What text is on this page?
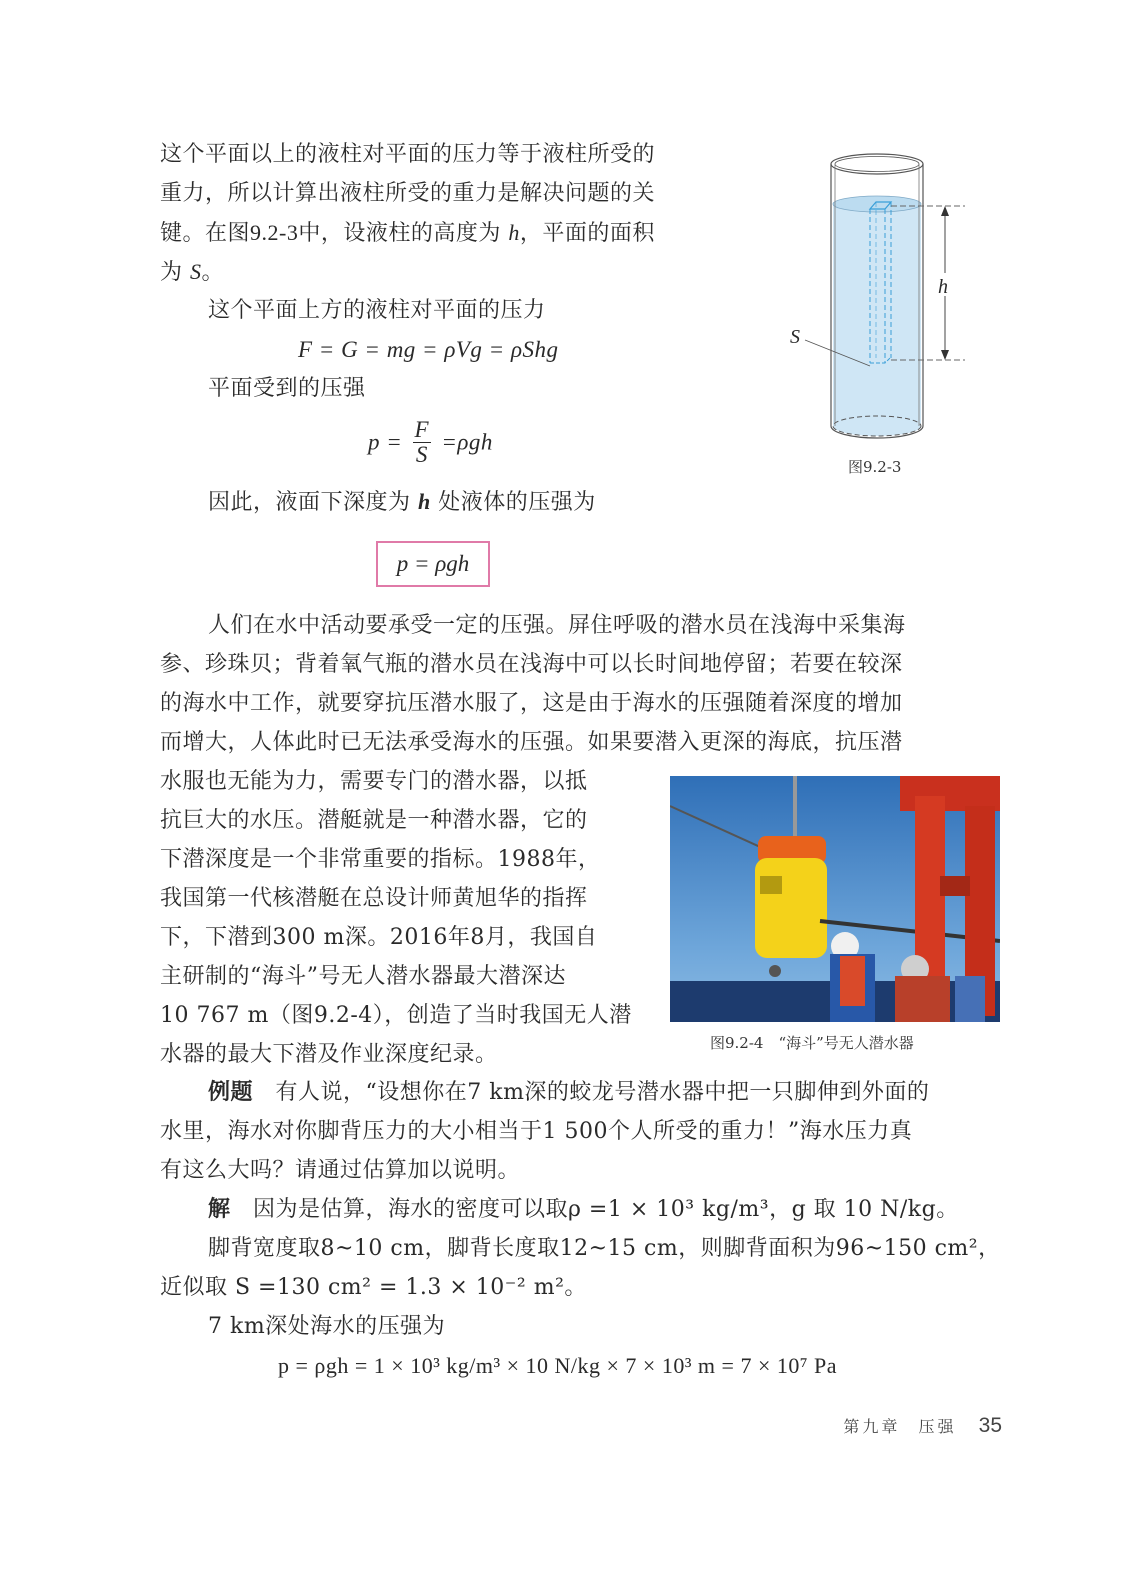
这个平面以上的液柱对平面的压力等于液柱所受的
重力，所以计算出液柱所受的重力是解决问题的关
键。在图9.2-3中，设液柱的高度为 h，平面的面积
为 S。
这个平面上方的液柱对平面的压力
F = G = mg = ρVg = ρShg
平面受到的压强
$p = \frac{F}{S} =\rho gh$
因此，液面下深度为 h 处液体的压强为
p = ρgh
h
S
图9.2-3
人们在水中活动要承受一定的压强。屏住呼吸的潜水员在浅海中采集海
参、珍珠贝；背着氧气瓶的潜水员在浅海中可以长时间地停留；若要在较深
的海水中工作，就要穿抗压潜水服了，这是由于海水的压强随着深度的增加
而增大，人体此时已无法承受海水的压强。如果要潜入更深的海底，抗压潜
水服也无能为力，需要专门的潜水器，以抵
抗巨大的水压。潜艇就是一种潜水器，它的
下潜深度是一个非常重要的指标。1988年，
我国第一代核潜艇在总设计师黄旭华的指挥
下，下潜到300 m深。2016年8月，我国自
主研制的“海斗”号无人潜水器最大潜深达
10 767 m（图9.2-4），创造了当时我国无人潜
水器的最大下潜及作业深度纪录。	图9.2-4　“海斗”号无人潜水器
例题 有人说，“设想你在7 km深的蛟龙号潜水器中把一只脚伸到外面的
水里，海水对你脚背压力的大小相当于1 500个人所受的重力！”海水压力真
有这么大吗？请通过估算加以说明。
解 因为是估算，海水的密度可以取ρ =1 × 10³ kg/m³，g 取 10 N/kg。
脚背宽度取8~10 cm，脚背长度取12~15 cm，则脚背面积为96~150 cm²，
近似取 S =130 cm² = 1.3 × 10⁻² m²。
7 km深处海水的压强为
p = ρgh = 1 × 10³ kg/m³ × 10 N/kg × 7 × 10³ m = 7 × 10⁷ Pa
第九章 压强 35
